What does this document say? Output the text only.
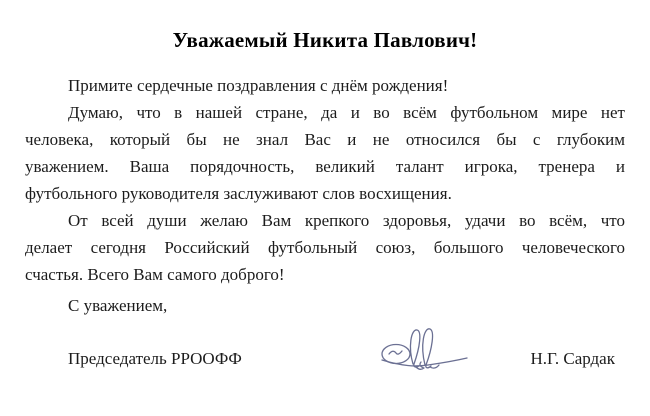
Уважаемый Никита Павлович!
Примите сердечные поздравления с днём рождения!
Думаю, что в нашей стране, да и во всём футбольном мире нет
человека, который бы не знал Вас и не относился бы с глубоким
уважением. Ваша порядочность, великий талант игрока, тренера и
футбольного руководителя заслуживают слов восхищения.
От всей души желаю Вам крепкого здоровья, удачи во всём, что
делает сегодня Российский футбольный союз, большого человеческого
счастья. Всего Вам самого доброго!
С уважением,
Председатель РРООФФ	Н.Г. Сардак
